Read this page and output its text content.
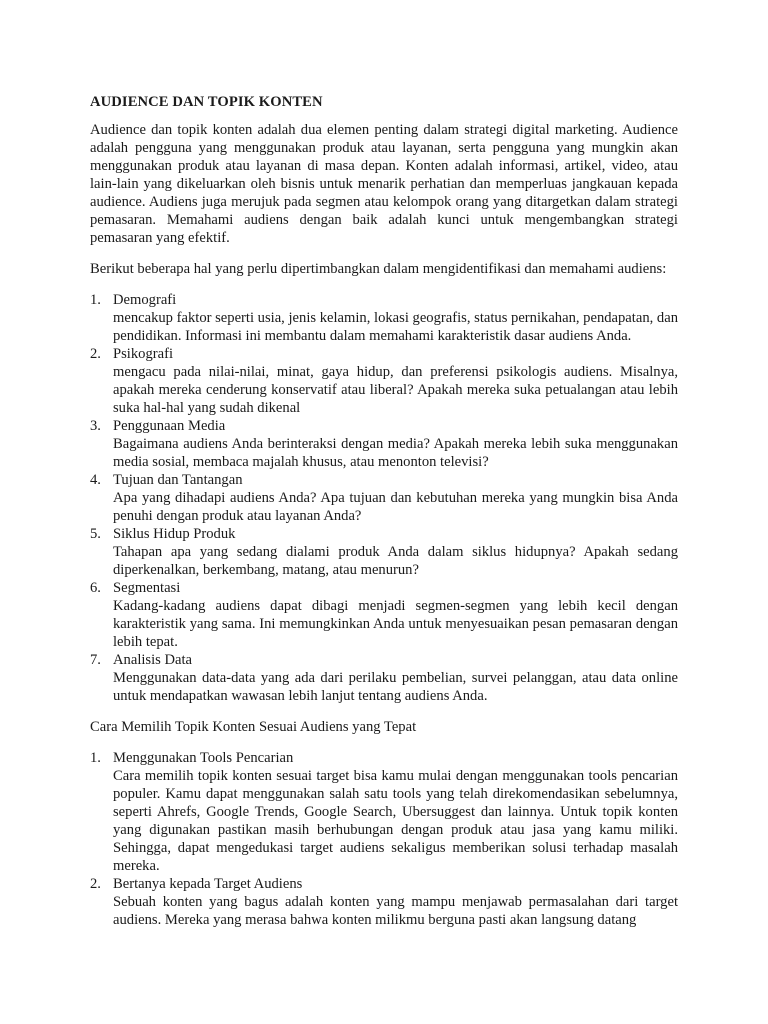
AUDIENCE DAN TOPIK KONTEN

Audience dan topik konten adalah dua elemen penting dalam strategi digital marketing. Audience adalah pengguna yang menggunakan produk atau layanan, serta pengguna yang mungkin akan menggunakan produk atau layanan di masa depan. Konten adalah informasi, artikel, video, atau lain-lain yang dikeluarkan oleh bisnis untuk menarik perhatian dan memperluas jangkauan kepada audience. Audiens juga merujuk pada segmen atau kelompok orang yang ditargetkan dalam strategi pemasaran. Memahami audiens dengan baik adalah kunci untuk mengembangkan strategi pemasaran yang efektif.

Berikut beberapa hal yang perlu dipertimbangkan dalam mengidentifikasi dan memahami audiens:

1. Demografi
mencakup faktor seperti usia, jenis kelamin, lokasi geografis, status pernikahan, pendapatan, dan pendidikan. Informasi ini membantu dalam memahami karakteristik dasar audiens Anda.
2. Psikografi
mengacu pada nilai-nilai, minat, gaya hidup, dan preferensi psikologis audiens. Misalnya, apakah mereka cenderung konservatif atau liberal? Apakah mereka suka petualangan atau lebih suka hal-hal yang sudah dikenal
3. Penggunaan Media
Bagaimana audiens Anda berinteraksi dengan media? Apakah mereka lebih suka menggunakan media sosial, membaca majalah khusus, atau menonton televisi?
4. Tujuan dan Tantangan
Apa yang dihadapi audiens Anda? Apa tujuan dan kebutuhan mereka yang mungkin bisa Anda penuhi dengan produk atau layanan Anda?
5. Siklus Hidup Produk
Tahapan apa yang sedang dialami produk Anda dalam siklus hidupnya? Apakah sedang diperkenalkan, berkembang, matang, atau menurun?
6. Segmentasi
Kadang-kadang audiens dapat dibagi menjadi segmen-segmen yang lebih kecil dengan karakteristik yang sama. Ini memungkinkan Anda untuk menyesuaikan pesan pemasaran dengan lebih tepat.
7. Analisis Data
Menggunakan data-data yang ada dari perilaku pembelian, survei pelanggan, atau data online untuk mendapatkan wawasan lebih lanjut tentang audiens Anda.

Cara Memilih Topik Konten Sesuai Audiens yang Tepat

1. Menggunakan Tools Pencarian
Cara memilih topik konten sesuai target bisa kamu mulai dengan menggunakan tools pencarian populer. Kamu dapat menggunakan salah satu tools yang telah direkomendasikan sebelumnya, seperti Ahrefs, Google Trends, Google Search, Ubersuggest dan lainnya. Untuk topik konten yang digunakan pastikan masih berhubungan dengan produk atau jasa yang kamu miliki. Sehingga, dapat mengedukasi target audiens sekaligus memberikan solusi terhadap masalah mereka.
2. Bertanya kepada Target Audiens
Sebuah konten yang bagus adalah konten yang mampu menjawab permasalahan dari target audiens. Mereka yang merasa bahwa konten milikmu berguna pasti akan langsung datang
